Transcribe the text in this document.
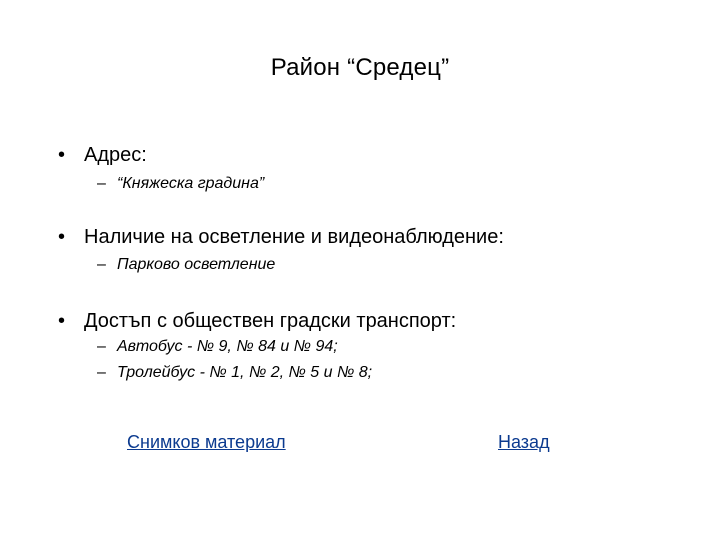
Район “Средец”
• Адрес:
– “Княжеска градина”
• Наличие на осветление и видеонаблюдение:
– Парково осветление
• Достъп с обществен градски транспорт:
– Автобус - № 9, № 84 и № 94;
– Тролейбус - № 1, № 2, № 5 и № 8;
Снимков материал	Назад
